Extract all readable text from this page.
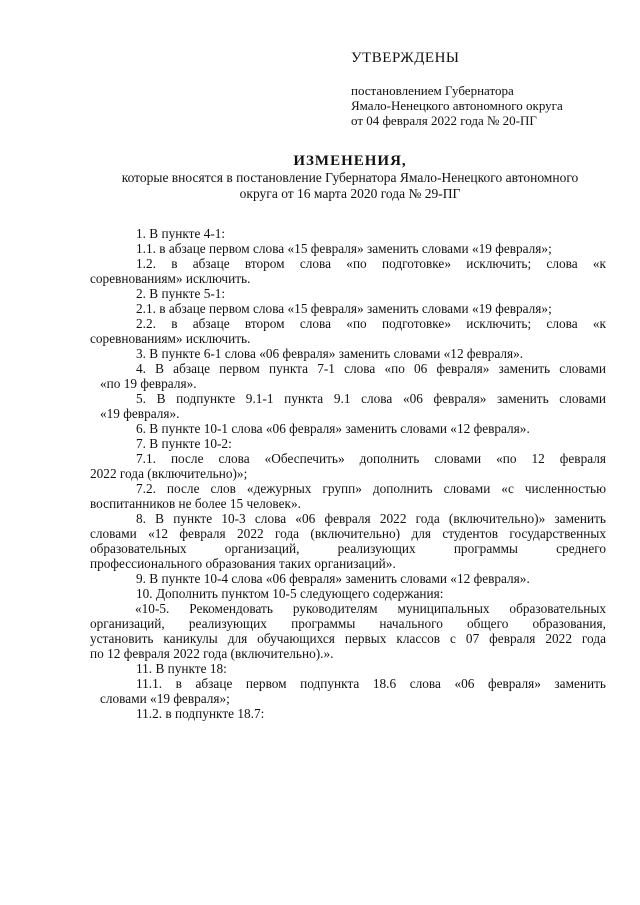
УТВЕРЖДЕНЫ
постановлением Губернатора
Ямало-Ненецкого автономного округа
от 04 февраля 2022 года № 20-ПГ
ИЗМЕНЕНИЯ,
которые вносятся в постановление Губернатора Ямало-Ненецкого автономного
округа от 16 марта 2020 года № 29-ПГ
1. В пункте 4-1:
1.1. в абзаце первом слова «15 февраля» заменить словами «19 февраля»;
1.2. в абзаце втором слова «по подготовке» исключить; слова «к
соревнованиям» исключить.
2. В пункте 5-1:
2.1. в абзаце первом слова «15 февраля» заменить словами «19 февраля»;
2.2. в абзаце втором слова «по подготовке» исключить; слова «к
соревнованиям» исключить.
3. В пункте 6-1 слова «06 февраля» заменить словами «12 февраля».
4. В абзаце первом пункта 7-1 слова «по 06 февраля» заменить словами
«по 19 февраля».
5. В подпункте 9.1-1 пункта 9.1 слова «06 февраля» заменить словами
«19 февраля».
6. В пункте 10-1 слова «06 февраля» заменить словами «12 февраля».
7. В пункте 10-2:
7.1. после слова «Обеспечить» дополнить словами «по 12 февраля
2022 года (включительно)»;
7.2. после слов «дежурных групп» дополнить словами «с численностью
воспитанников не более 15 человек».
8. В пункте 10-3 слова «06 февраля 2022 года (включительно)» заменить
словами «12 февраля 2022 года (включительно) для студентов государственных
образовательных организаций, реализующих программы среднего
профессионального образования таких организаций».
9. В пункте 10-4 слова «06 февраля» заменить словами «12 февраля».
10. Дополнить пунктом 10-5 следующего содержания:
«10-5. Рекомендовать руководителям муниципальных образовательных
организаций, реализующих программы начального общего образования,
установить каникулы для обучающихся первых классов с 07 февраля 2022 года
по 12 февраля 2022 года (включительно).».
11. В пункте 18:
11.1. в абзаце первом подпункта 18.6 слова «06 февраля» заменить
словами «19 февраля»;
11.2. в подпункте 18.7:
